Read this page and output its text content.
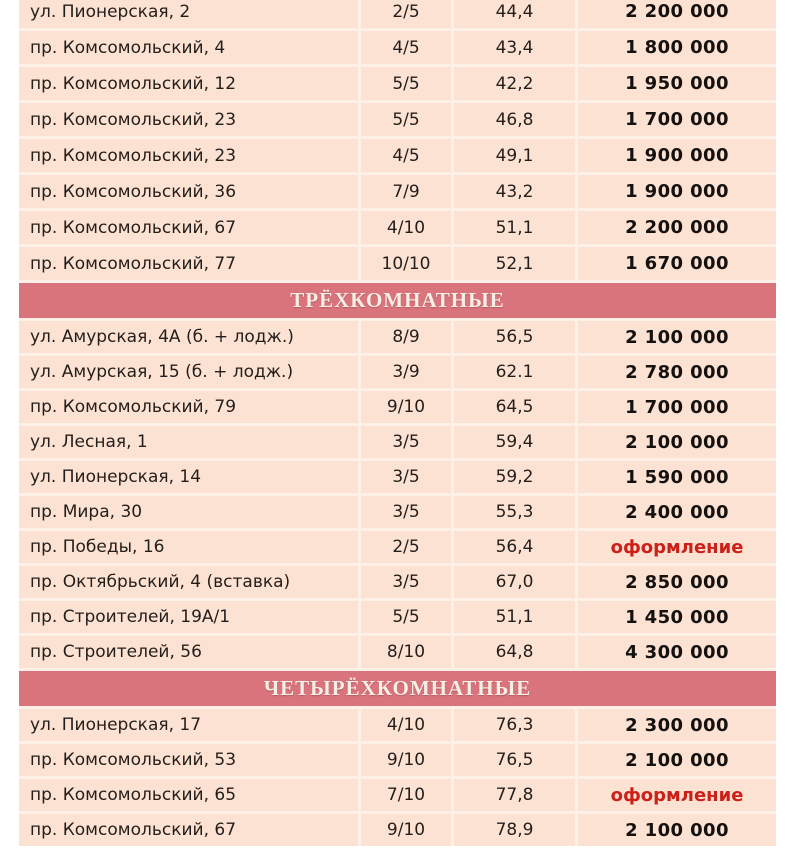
ул. Пионерская, 2	2/5	44,4	2 200 000
пр. Комсомольский, 4	4/5	43,4	1 800 000
пр. Комсомольский, 12	5/5	42,2	1 950 000
пр. Комсомольский, 23	5/5	46,8	1 700 000
пр. Комсомольский, 23	4/5	49,1	1 900 000
пр. Комсомольский, 36	7/9	43,2	1 900 000
пр. Комсомольский, 67	4/10	51,1	2 200 000
пр. Комсомольский, 77	10/10	52,1	1 670 000
ТРЁХКОМНАТНЫЕ
ул. Амурская, 4А (б. + лодж.)	8/9	56,5	2 100 000
ул. Амурская, 15 (б. + лодж.)	3/9	62.1	2 780 000
пр. Комсомольский, 79	9/10	64,5	1 700 000
ул. Лесная, 1	3/5	59,4	2 100 000
ул. Пионерская, 14	3/5	59,2	1 590 000
пр. Мира, 30	3/5	55,3	2 400 000
пр. Победы, 16	2/5	56,4	оформление
пр. Октябрьский, 4 (вставка)	3/5	67,0	2 850 000
пр. Строителей, 19А/1	5/5	51,1	1 450 000
пр. Строителей, 56	8/10	64,8	4 300 000
ЧЕТЫРЁХКОМНАТНЫЕ
ул. Пионерская, 17	4/10	76,3	2 300 000
пр. Комсомольский, 53	9/10	76,5	2 100 000
пр. Комсомольский, 65	7/10	77,8	оформление
пр. Комсомольский, 67	9/10	78,9	2 100 000
